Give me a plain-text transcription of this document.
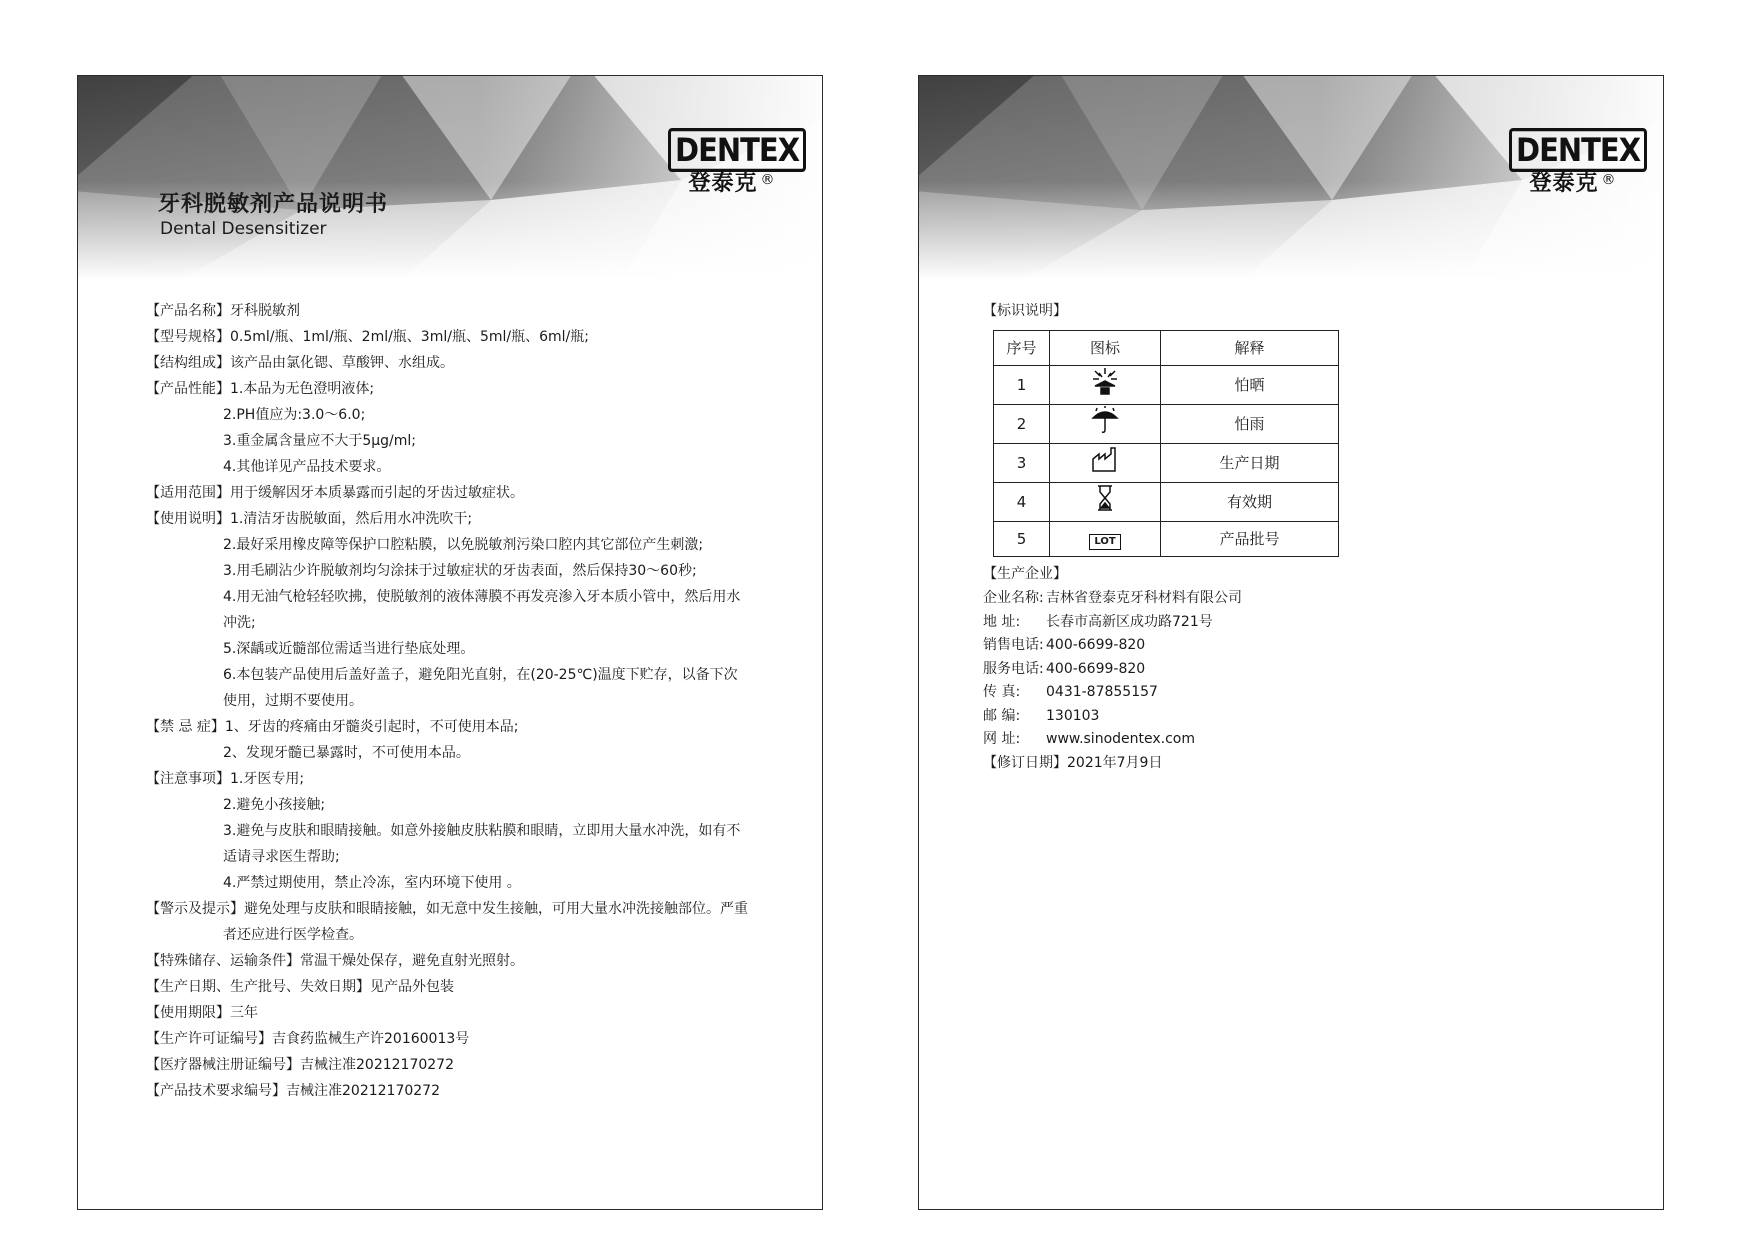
DENTEX
登泰克 ®
牙科脱敏剂产品说明书
Dental Desensitizer
【产品名称】牙科脱敏剂
【型号规格】0.5ml/瓶、1ml/瓶、2ml/瓶、3ml/瓶、5ml/瓶、6ml/瓶;
【结构组成】该产品由氯化锶、草酸钾、水组成。
【产品性能】1.本品为无色澄明液体;
2.PH值应为:3.0～6.0;
3.重金属含量应不大于5μg/ml;
4.其他详见产品技术要求。
【适用范围】用于缓解因牙本质暴露而引起的牙齿过敏症状。
【使用说明】1.清洁牙齿脱敏面，然后用水冲洗吹干;
2.最好采用橡皮障等保护口腔粘膜，以免脱敏剂污染口腔内其它部位产生刺激;
3.用毛刷沾少许脱敏剂均匀涂抹于过敏症状的牙齿表面，然后保持30～60秒;
4.用无油气枪轻轻吹拂，使脱敏剂的液体薄膜不再发亮渗入牙本质小管中，然后用水
冲洗;
5.深龋或近髓部位需适当进行垫底处理。
6.本包装产品使用后盖好盖子，避免阳光直射，在(20-25℃)温度下贮存，以备下次
使用，过期不要使用。
【禁 忌 症】1、牙齿的疼痛由牙髓炎引起时，不可使用本品;
2、发现牙髓已暴露时，不可使用本品。
【注意事项】1.牙医专用;
2.避免小孩接触;
3.避免与皮肤和眼睛接触。如意外接触皮肤粘膜和眼睛，立即用大量水冲洗，如有不
适请寻求医生帮助;
4.严禁过期使用，禁止冷冻，室内环境下使用 。
【警示及提示】避免处理与皮肤和眼睛接触，如无意中发生接触，可用大量水冲洗接触部位。严重
者还应进行医学检查。
【特殊储存、运输条件】常温干燥处保存，避免直射光照射。
【生产日期、生产批号、失效日期】见产品外包装
【使用期限】三年
【生产许可证编号】吉食药监械生产许20160013号
【医疗器械注册证编号】吉械注准20212170272
【产品技术要求编号】吉械注准20212170272
DENTEX
登泰克 ®
【标识说明】
序号	图标	解释
1		怕晒
2		怕雨
3		生产日期
4		有效期
5	LOT	产品批号
【生产企业】
企业名称: 吉林省登泰克牙科材料有限公司
地 址: 长春市高新区成功路721号
销售电话: 400-6699-820
服务电话: 400-6699-820
传 真: 0431-87855157
邮 编: 130103
网 址: www.sinodentex.com
【修订日期】2021年7月9日
